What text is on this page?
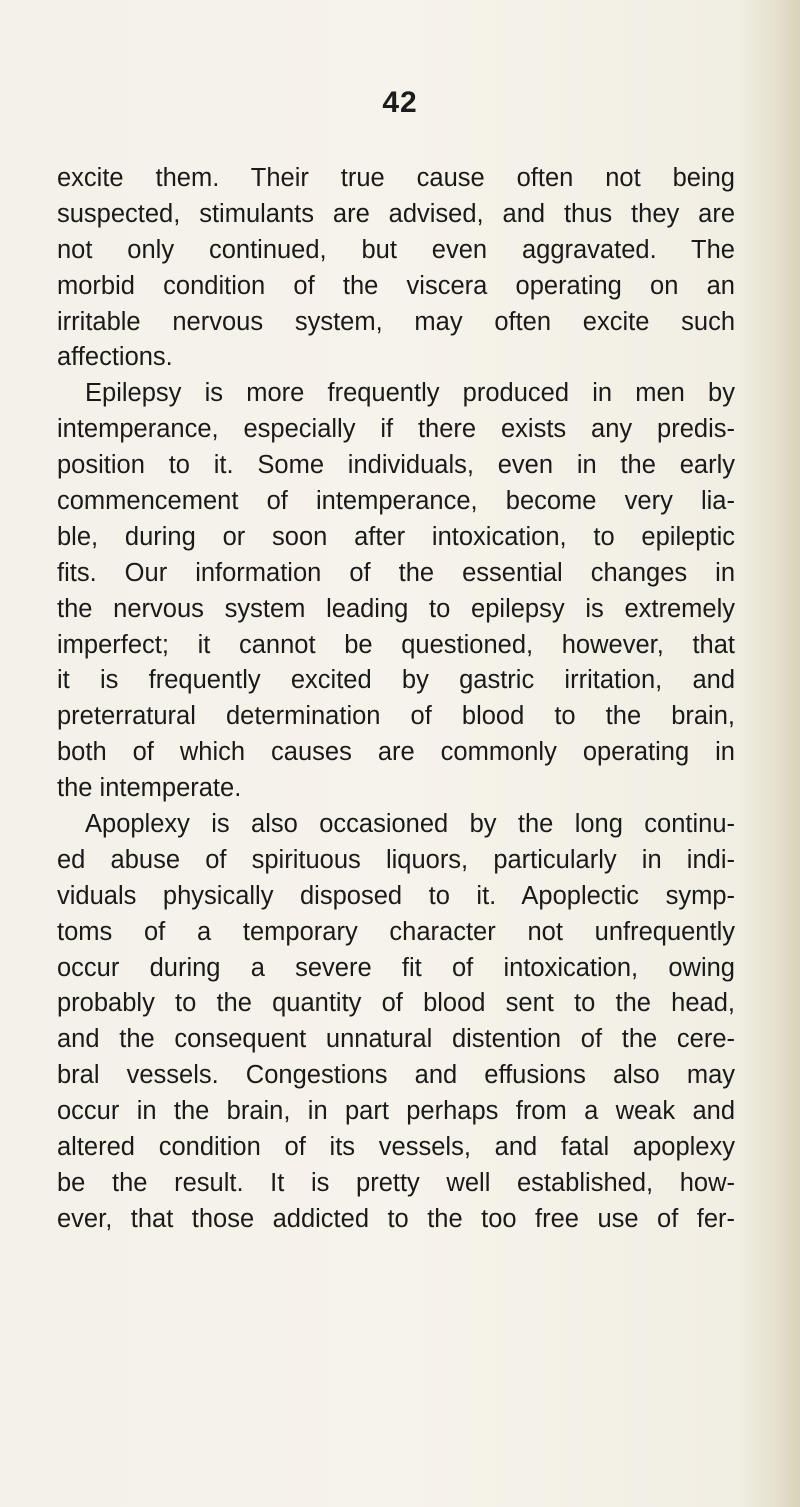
42
excite them. Their true cause often not being
suspected, stimulants are advised, and thus they are
not only continued, but even aggravated. The
morbid condition of the viscera operating on an
irritable nervous system, may often excite such
affections.
Epilepsy is more frequently produced in men by
intemperance, especially if there exists any predis-
position to it. Some individuals, even in the early
commencement of intemperance, become very lia-
ble, during or soon after intoxication, to epileptic
fits. Our information of the essential changes in
the nervous system leading to epilepsy is extremely
imperfect; it cannot be questioned, however, that
it is frequently excited by gastric irritation, and
preterratural determination of blood to the brain,
both of which causes are commonly operating in
the intemperate.
Apoplexy is also occasioned by the long continu-
ed abuse of spirituous liquors, particularly in indi-
viduals physically disposed to it. Apoplectic symp-
toms of a temporary character not unfrequently
occur during a severe fit of intoxication, owing
probably to the quantity of blood sent to the head,
and the consequent unnatural distention of the cere-
bral vessels. Congestions and effusions also may
occur in the brain, in part perhaps from a weak and
altered condition of its vessels, and fatal apoplexy
be the result. It is pretty well established, how-
ever, that those addicted to the too free use of fer-
